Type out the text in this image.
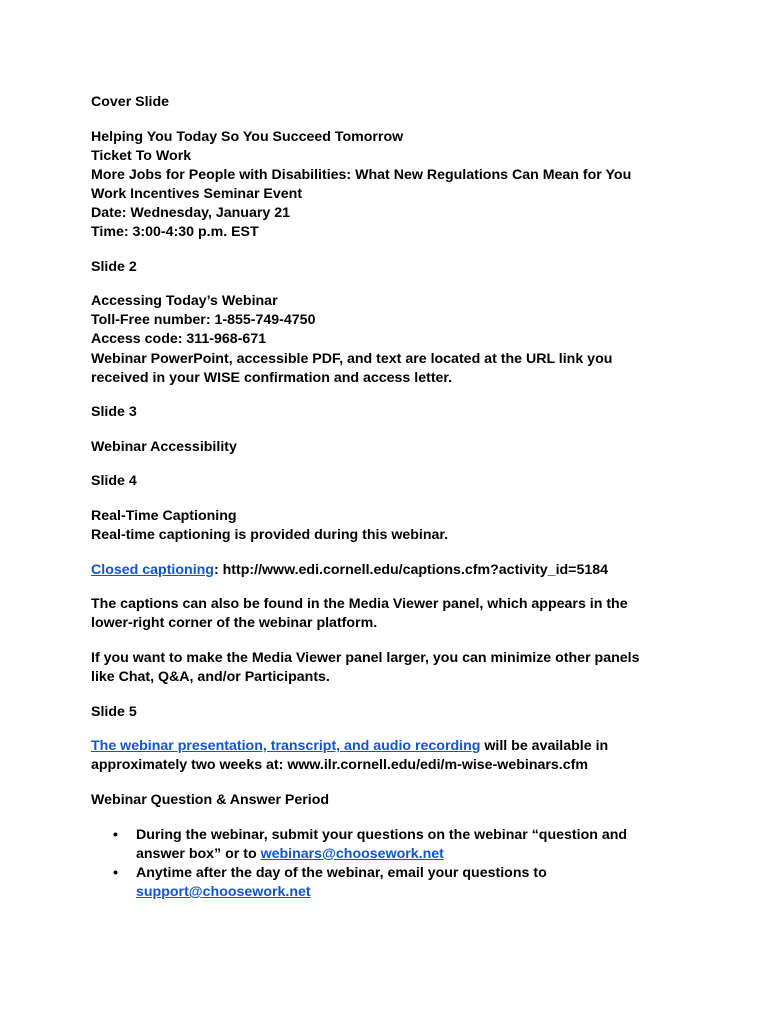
Cover Slide
Helping You Today So You Succeed Tomorrow
Ticket To Work
More Jobs for People with Disabilities: What New Regulations Can Mean for You
Work Incentives Seminar Event
Date: Wednesday, January 21
Time: 3:00-4:30 p.m. EST
Slide 2
Accessing Today’s Webinar
Toll-Free number: 1-855-749-4750
Access code: 311-968-671
Webinar PowerPoint, accessible PDF, and text are located at the URL link you
received in your WISE confirmation and access letter.
Slide 3
Webinar Accessibility
Slide 4
Real-Time Captioning
Real-time captioning is provided during this webinar.
Closed captioning: http://www.edi.cornell.edu/captions.cfm?activity_id=5184
The captions can also be found in the Media Viewer panel, which appears in the
lower-right corner of the webinar platform.
If you want to make the Media Viewer panel larger, you can minimize other panels
like Chat, Q&A, and/or Participants.
Slide 5
The webinar presentation, transcript, and audio recording will be available in
approximately two weeks at: www.ilr.cornell.edu/edi/m-wise-webinars.cfm
Webinar Question & Answer Period
• During the webinar, submit your questions on the webinar “question and
answer box” or to webinars@choosework.net
• Anytime after the day of the webinar, email your questions to
support@choosework.net
